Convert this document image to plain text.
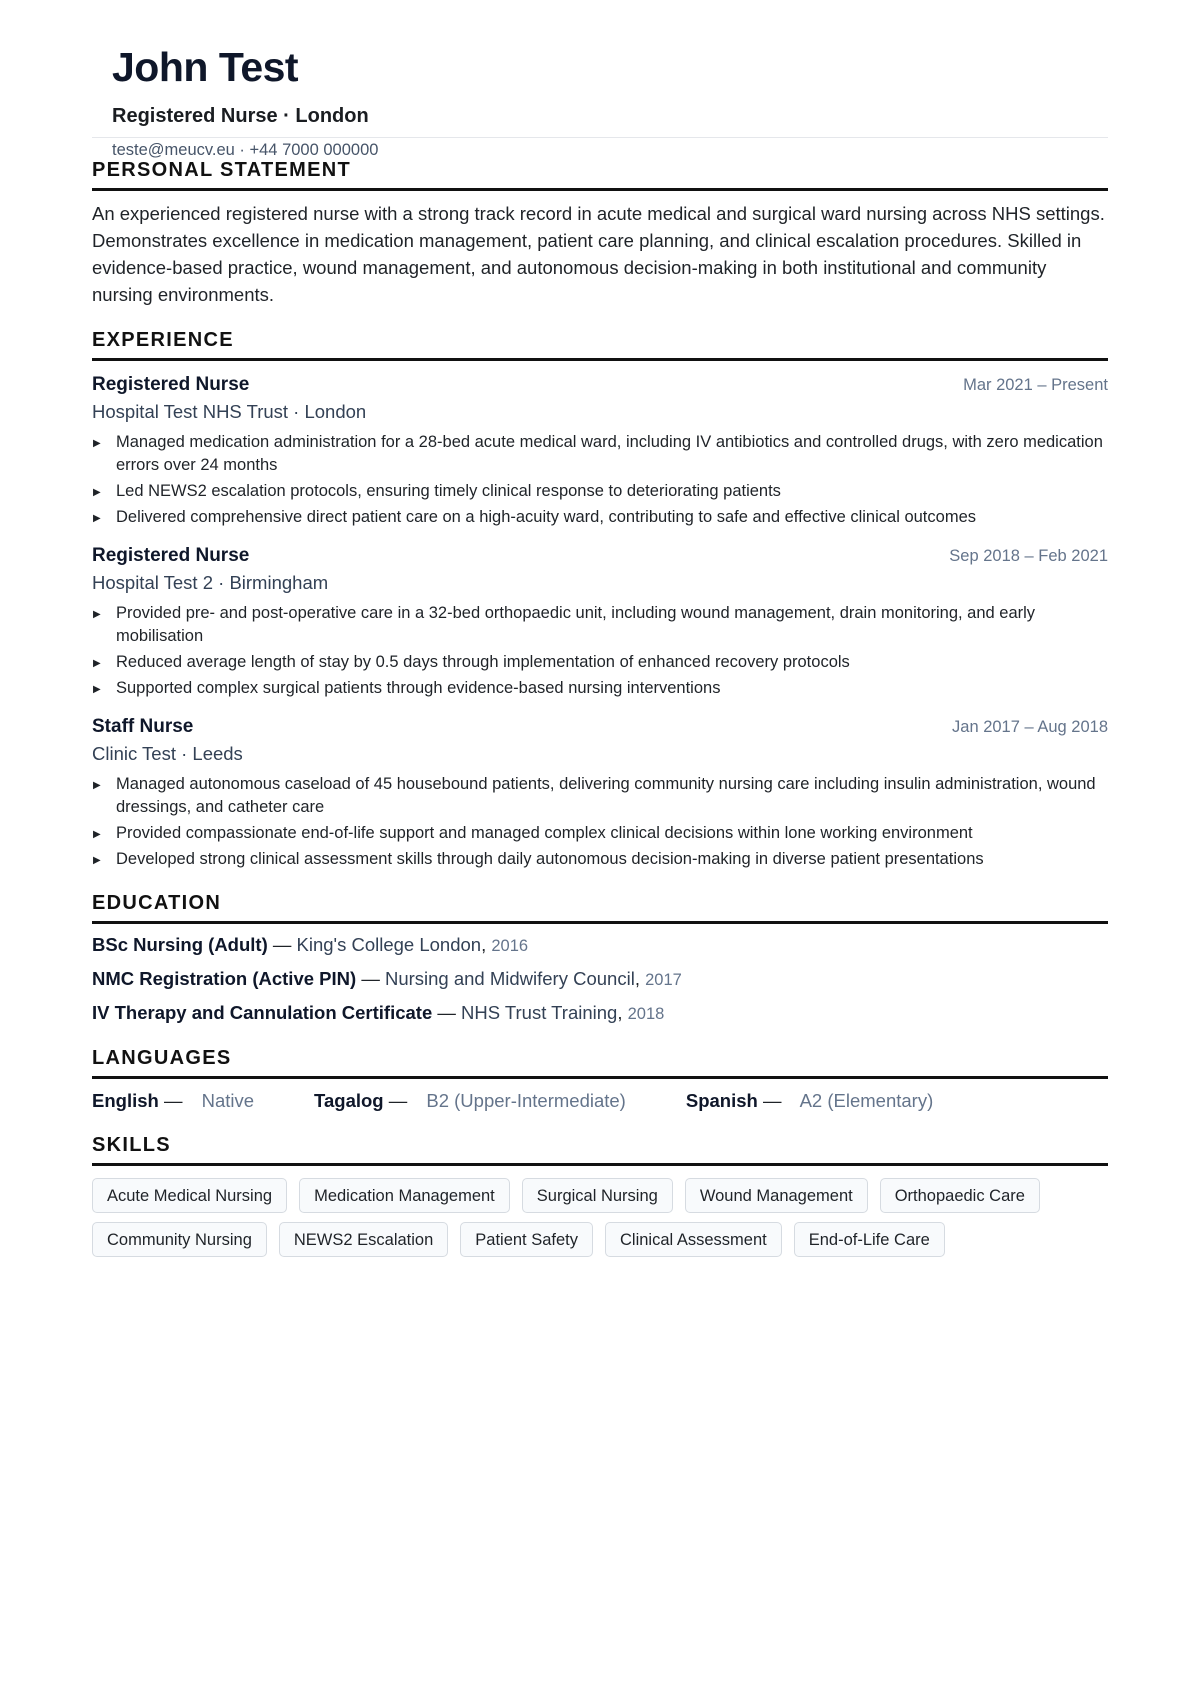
John Test
Registered Nurse · London
teste@meucv.eu · +44 7000 000000
PERSONAL STATEMENT
An experienced registered nurse with a strong track record in acute medical and surgical ward nursing across NHS settings. Demonstrates excellence in medication management, patient care planning, and clinical escalation procedures. Skilled in evidence-based practice, wound management, and autonomous decision-making in both institutional and community nursing environments.
EXPERIENCE
Registered Nurse	Mar 2021 – Present
Hospital Test NHS Trust · London
▶ Managed medication administration for a 28-bed acute medical ward, including IV antibiotics and controlled drugs, with zero medication errors over 24 months
▶ Led NEWS2 escalation protocols, ensuring timely clinical response to deteriorating patients
▶ Delivered comprehensive direct patient care on a high-acuity ward, contributing to safe and effective clinical outcomes
Registered Nurse	Sep 2018 – Feb 2021
Hospital Test 2 · Birmingham
▶ Provided pre- and post-operative care in a 32-bed orthopaedic unit, including wound management, drain monitoring, and early mobilisation
▶ Reduced average length of stay by 0.5 days through implementation of enhanced recovery protocols
▶ Supported complex surgical patients through evidence-based nursing interventions
Staff Nurse	Jan 2017 – Aug 2018
Clinic Test · Leeds
▶ Managed autonomous caseload of 45 housebound patients, delivering community nursing care including insulin administration, wound dressings, and catheter care
▶ Provided compassionate end-of-life support and managed complex clinical decisions within lone working environment
▶ Developed strong clinical assessment skills through daily autonomous decision-making in diverse patient presentations
EDUCATION
BSc Nursing (Adult) — King's College London, 2016
NMC Registration (Active PIN) — Nursing and Midwifery Council, 2017
IV Therapy and Cannulation Certificate — NHS Trust Training, 2018
LANGUAGES
English — Native	Tagalog — B2 (Upper-Intermediate)	Spanish — A2 (Elementary)
SKILLS
Acute Medical Nursing	Medication Management	Surgical Nursing	Wound Management	Orthopaedic Care
Community Nursing	NEWS2 Escalation	Patient Safety	Clinical Assessment	End-of-Life Care
